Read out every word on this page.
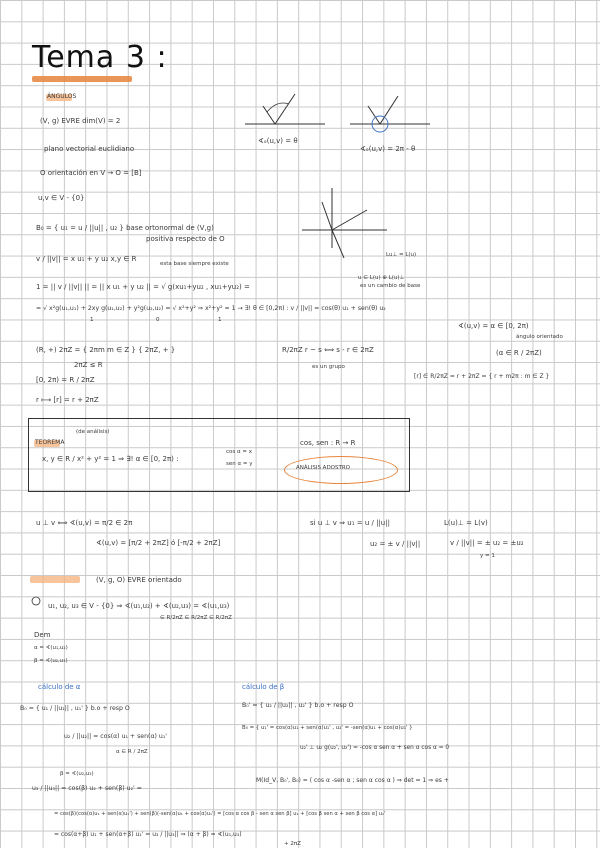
Tema 3 :
ÁNGULOS
(V, g) EVRE dim(V) = 2
plano vectorial euclidiano
O orientación en V → O = [B]
u,v ∈ V - {0}
B₀ = { u₁ = u / ||u|| , u₂ } base ortonormal de (V,g)
positiva respecto de O
v / ||v|| = x u₁ + y u₂ x,y ∈ R
esta base siempre existe
1 = || v / ||v|| || = || x u₁ + y u₂ || = √ g(xu₁+yu₂ , xu₁+yu₂) =
= √ x²g(u₁,u₁) + 2xy g(u₁,u₂) + y²g(u₂,u₂) = √ x²+y² ⇒ x²+y² = 1 → ∃! θ ∈ [0,2π) : v / ||v|| = cos(θ) u₁ + sen(θ) u₂
1	0	1
(R, +) 2πZ = { 2πm m ∈ Z } { 2πZ, + }
2πZ ≤ R
[0, 2π) = R / 2πZ
r ⟼ [r] = r + 2πZ
R/2πZ r ~ s ⟺ s - r ∈ 2πZ
es un grupo
[r] ∈ R/2πZ = r + 2πZ = { r + m2π : m ∈ Z }
∢(u,v) = α ∈ [0, 2π)
ángulo orientado
(α ∈ R / 2πZ)
∢ₒ(u,v) = θ
∢ₒ(u,v) = 2π - θ
Lu⊥ = L(u)
u ∈ L(u) ⊕ L(u)⊥
es un cambio de base
TEOREMA
(de análisis)
x, y ∈ R / x² + y² = 1 ⇒ ∃! α ∈ [0, 2π) :
cos α = x
sen α = y
cos, sen : R → R
ANÁLISIS ADOSTRO
u ⊥ v ⟺ ∢(u,v) = π/2 ∈ 2π
∢(u,v) = [π/2 + 2πZ] ó [-π/2 + 2πZ]
si u ⊥ v ⇒ u₁ = u / ||u||
u₂ = ± v / ||v||
L(u)⊥ = L(v)
v / ||v|| = ± u₂ = ±u₂
y = 1
(V, g, O) EVRE orientado
u₁, u₂, u₃ ∈ V - {0} ⇒ ∢(u₁,u₂) + ∢(u₂,u₃) = ∢(u₁,u₃)
∈ R/2πZ ∈ R/2πZ ∈ R/2πZ
Dem
α = ∢(u₁,u₂)
β = ∢(u₂,u₃)
cálculo de α	cálculo de β
B₀ = { u₁ / ||u₁|| , u₁' } b.o + resp O
u₂ / ||u₂|| = cos(α) u₁ + sen(α) u₁'
α ∈ R / 2πZ
β = ∢(u₂,u₃)
u₃ / ||u₃|| = cos(β) u₂ + sen(β) u₂' =
B₀' = { u₂ / ||u₂|| , u₂' } b.o + resp O
B₀ = { u₁' = cos(α)u₁ + sen(α)u₁' , u₂' = -sen(α)u₁ + cos(α)u₁' }
u₂' ⊥ u₂ g(u₂', u₂') = -cos α sen α + sen α cos α = 0
M(Id_V, B₀', B₀) = ( cos α -sen α ; sen α cos α ) ⇒ det = 1 ⇒ es +
= cos(β)(cos(α)u₁ + sen(α)u₁') + sen(β)(-sen(α)u₁ + cos(α)u₁') = [cos α cos β - sen α sen β] u₁ + [cos β sen α + sen β cos α] u₁'
= cos(α+β) u₁ + sen(α+β) u₁' = u₃ / ||u₃|| ⇒ (α + β) = ∢(u₁,u₃)
+ 2πZ
